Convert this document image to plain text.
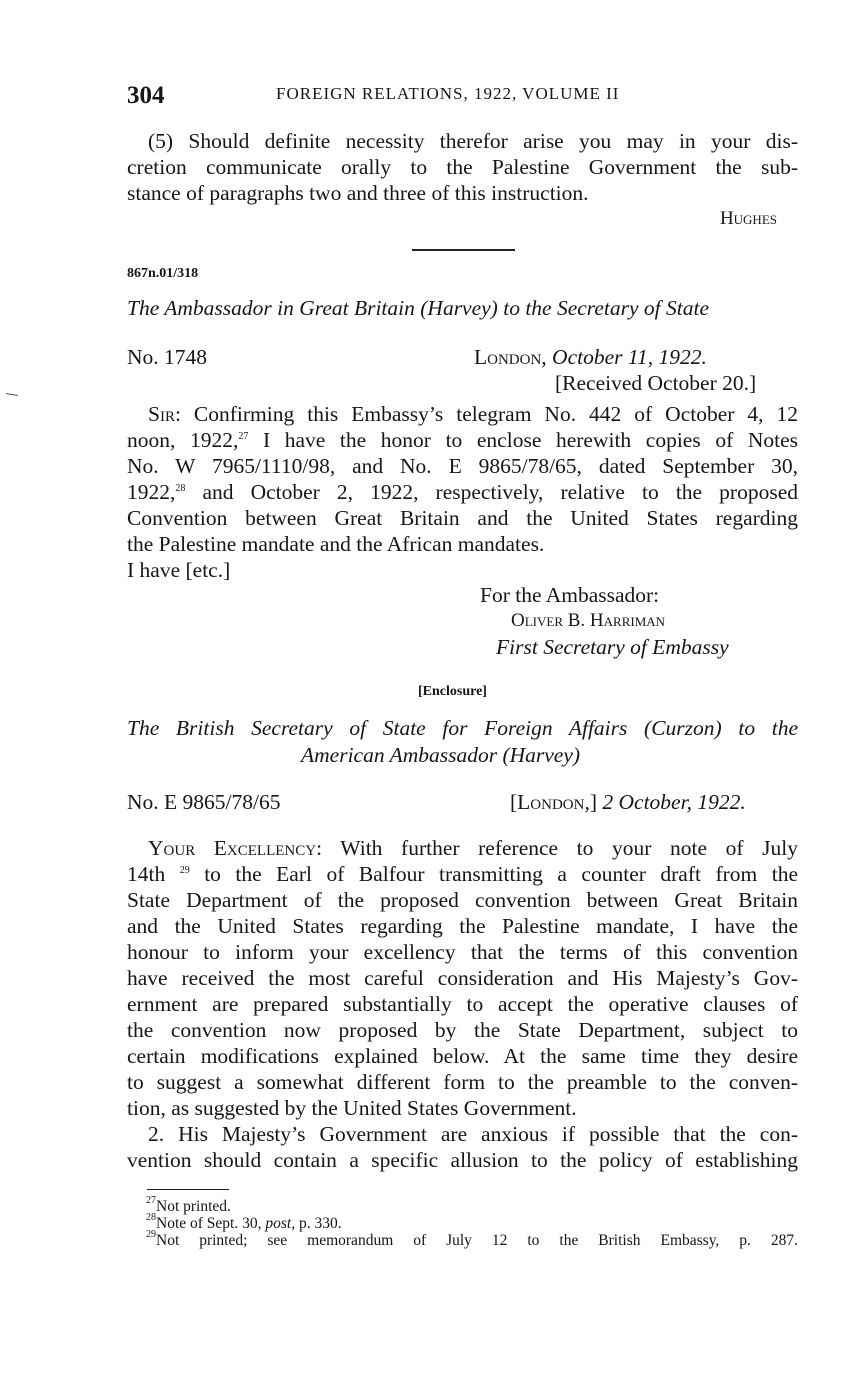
304	FOREIGN RELATIONS, 1922, VOLUME II

(5) Should definite necessity therefor arise you may in your dis-
cretion communicate orally to the Palestine Government the sub-
stance of paragraphs two and three of this instruction.

Hughes
867n.01/318
The Ambassador in Great Britain (Harvey) to the Secretary of State
No. 1748	London, October 11, 1922.
[Received October 20.]

Sir: Confirming this Embassy’s telegram No. 442 of October 4, 12
noon, 1922,27 I have the honor to enclose herewith copies of Notes
No. W 7965/1110/98, and No. E 9865/78/65, dated September 30,
1922,28 and October 2, 1922, respectively, relative to the proposed
Convention between Great Britain and the United States regarding
the Palestine mandate and the African mandates.

I have [etc.]
For the Ambassador:
Oliver B. Harriman
First Secretary of Embassy
[Enclosure]
The British Secretary of State for Foreign Affairs (Curzon) to the
American Ambassador (Harvey)
No. E 9865/78/65	[London,] 2 October, 1922.

Your Excellency: With further reference to your note of July
14th $^{29}$ to the Earl of Balfour transmitting a counter draft from the
State Department of the proposed convention between Great Britain
and the United States regarding the Palestine mandate, I have the
honour to inform your excellency that the terms of this convention
have received the most careful consideration and His Majesty’s Gov-
ernment are prepared substantially to accept the operative clauses of
the convention now proposed by the State Department, subject to
certain modifications explained below. At the same time they desire
to suggest a somewhat different form to the preamble to the conven-
tion, as suggested by the United States Government.
2. His Majesty’s Government are anxious if possible that the con-
vention should contain a specific allusion to the policy of establishing

$^{27}$Not printed.
$^{28}$Note of Sept. 30, post, p. 330.
$^{29}$Not printed; see memorandum of July 12 to the British Embassy, p. 287.
